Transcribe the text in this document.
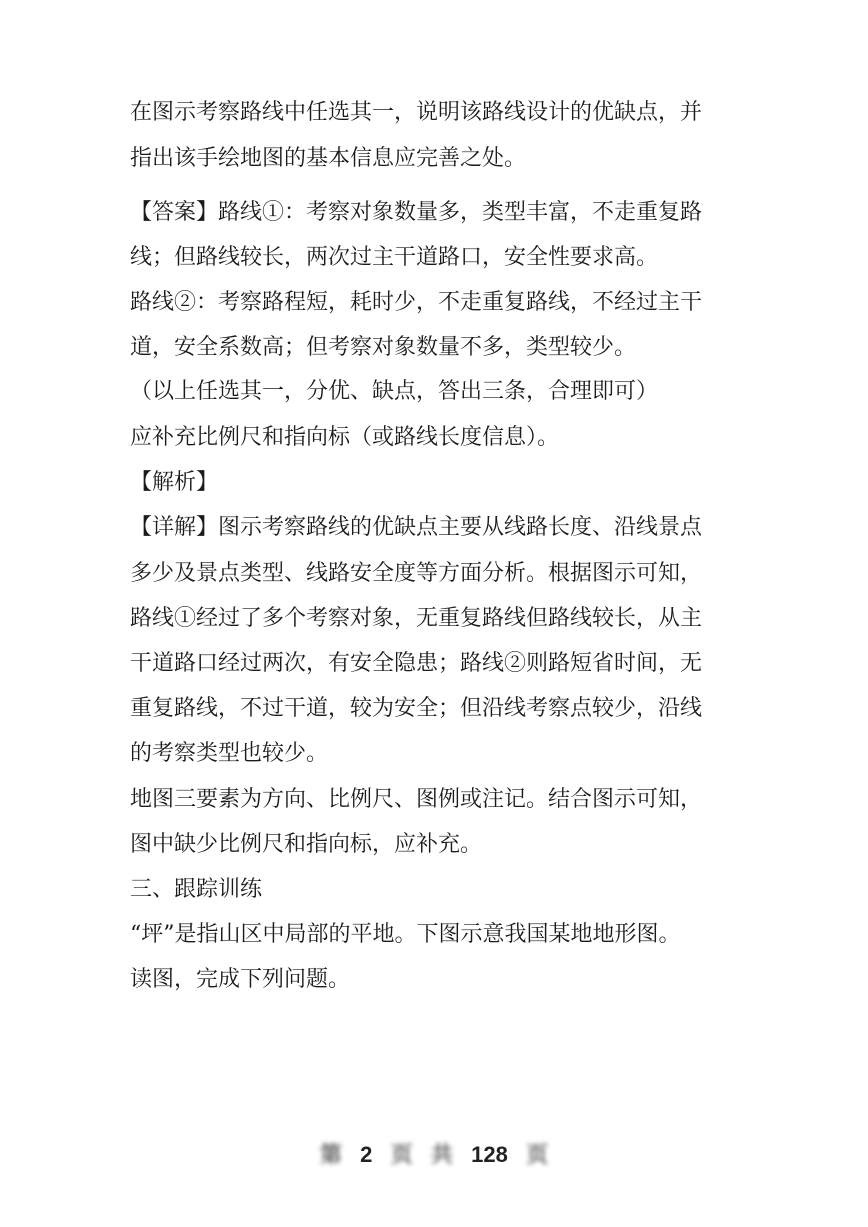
在图示考察路线中任选其一，说明该路线设计的优缺点，并
指出该手绘地图的基本信息应完善之处。
【答案】路线①：考察对象数量多，类型丰富，不走重复路
线；但路线较长，两次过主干道路口，安全性要求高。
路线②：考察路程短，耗时少，不走重复路线，不经过主干
道，安全系数高；但考察对象数量不多，类型较少。
（以上任选其一，分优、缺点，答出三条，合理即可）
应补充比例尺和指向标（或路线长度信息）。
【解析】
【详解】图示考察路线的优缺点主要从线路长度、沿线景点
多少及景点类型、线路安全度等方面分析。根据图示可知，
路线①经过了多个考察对象，无重复路线但路线较长，从主
干道路口经过两次，有安全隐患；路线②则路短省时间，无
重复路线，不过干道，较为安全；但沿线考察点较少，沿线
的考察类型也较少。
地图三要素为方向、比例尺、图例或注记。结合图示可知，
图中缺少比例尺和指向标，应补充。
三、跟踪训练
“坪”是指山区中局部的平地。下图示意我国某地地形图。
读图，完成下列问题。
第 2 页 共 128 页
